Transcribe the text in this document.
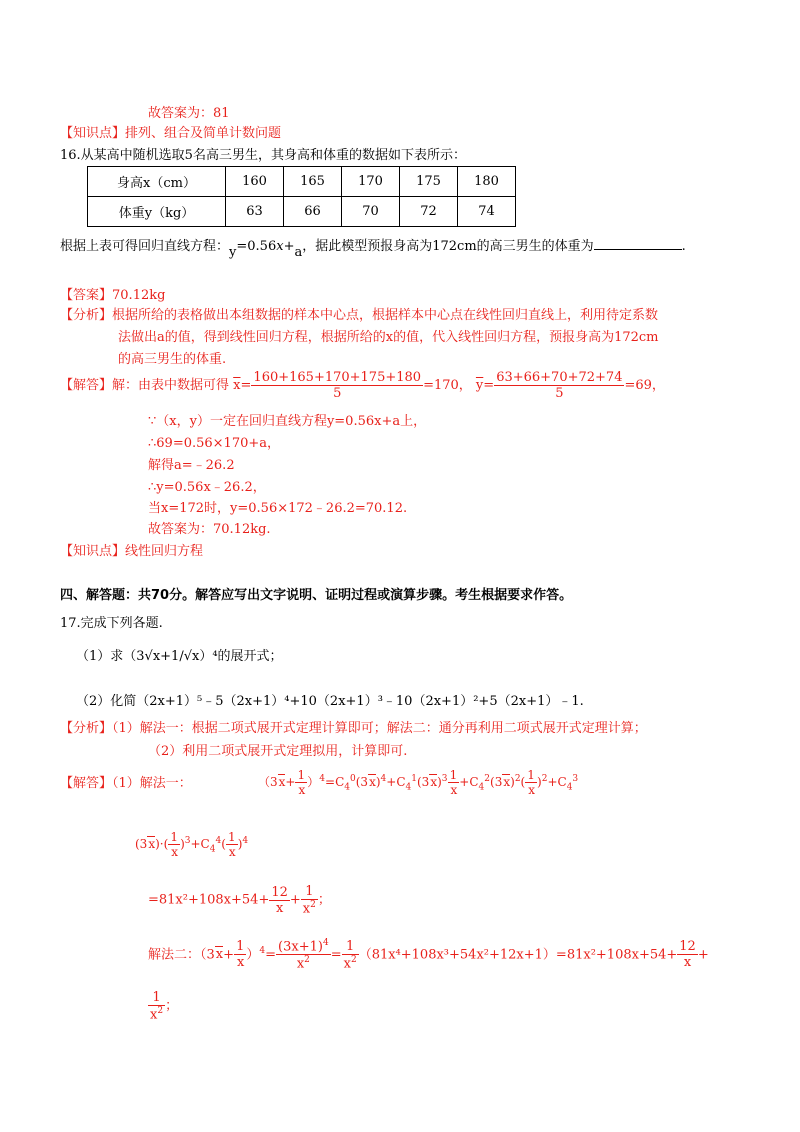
故答案为：81
【知识点】排列、组合及简单计数问题
16.从某高中随机选取5名高三男生，其身高和体重的数据如下表所示：
身高x（cm）	160	165	170	175	180
体重y（kg）	63	66	70	72	74
根据上表可得回归直线方程：y=0.56x+a，据此模型预报身高为172cm的高三男生的体重为	.
【答案】70.12kg
【分析】根据所给的表格做出本组数据的样本中心点，根据样本中心点在线性回归直线上，利用待定系数
法做出a的值，得到线性回归方程，根据所给的x的值，代入线性回归方程，预报身高为172cm
的高三男生的体重.
【解答】解：由表中数据可得 $\overline{x}= \frac{160+165+170+175+180}{5} =170$， $\overline{y}= \frac{63+66+70+72+74}{5} =69$，
∵（x，y）一定在回归直线方程y=0.56x+a上，
∴69=0.56×170+a，
解得a=﹣26.2
∴y=0.56x﹣26.2，
当x=172时，y=0.56×172﹣26.2=70.12.
故答案为：70.12kg.
【知识点】线性回归方程
四、解答题：共70分。解答应写出文字说明、证明过程或演算步骤。考生根据要求作答。
17.完成下列各题.
（1）求（3√x+1/√x）⁴的展开式；
（2）化简（2x+1）⁵﹣5（2x+1）⁴+10（2x+1）³﹣10（2x+1）²+5（2x+1）﹣1.
【分析】（1）解法一：根据二项式展开式定理计算即可；解法二：通分再利用二项式展开式定理计算；
（2）利用二项式展开式定理拟用，计算即可.
【解答】（1）解法一：	$(3x+ \frac{1}{x} )^4=C_4^0(3x)^4+C_4^1(3x)^3 \frac{1}{x} +C_4^2(3x)^2( \frac{1}{x} )^2+C_4^3$
$(3x)\cdot( \frac{1}{x} )^3+C_4^4( \frac{1}{x} )^4$
$=81x^2+108x+54+ \frac{12}{x} + \frac{1}{x^2}$ ；
解法二：$(3x+ \frac{1}{x} )^4= \frac{(3x+1)^4}{x^2} = \frac{1}{x^2} (81x^4+108x^3+54x^2+12x+1)=81x^2+108x+54+ \frac{12}{x}$ +
$\frac{1}{x^2}$ ；
